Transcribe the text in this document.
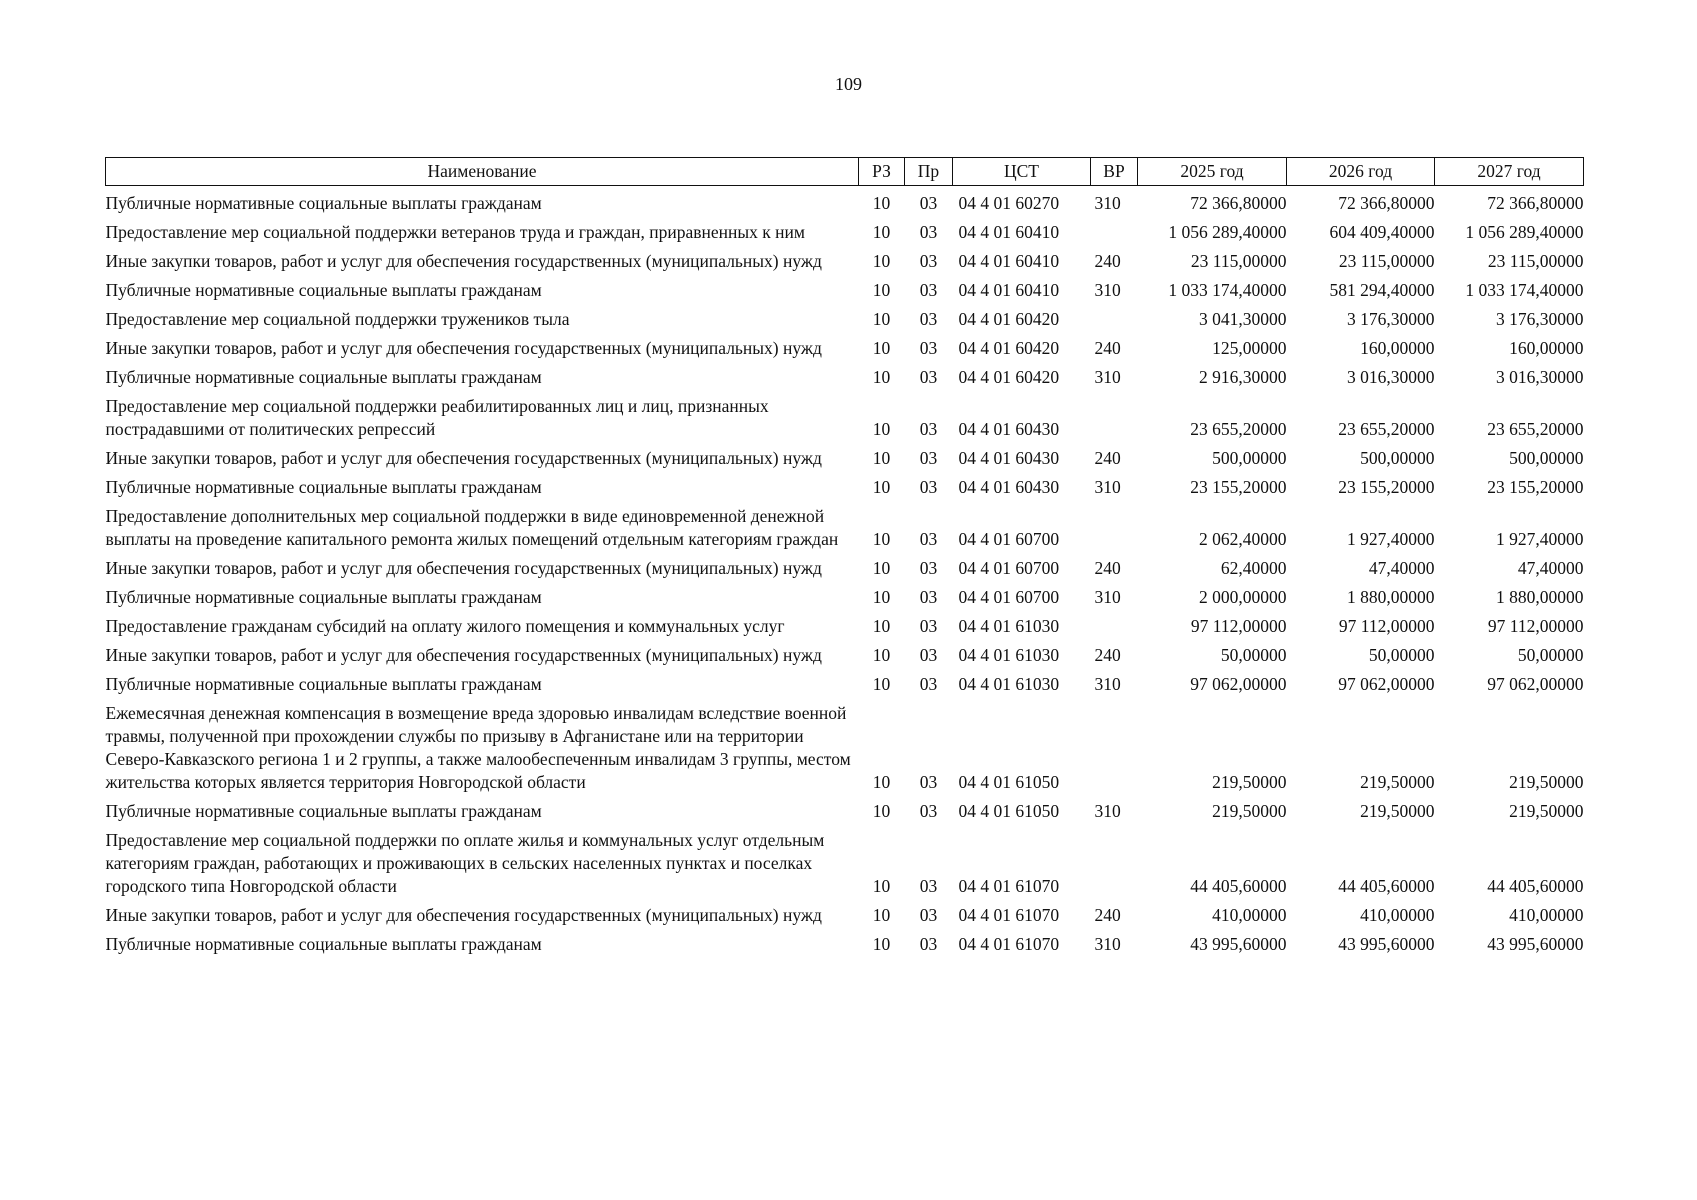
109
Наименование	РЗ	Пр	ЦСТ	ВР	2025 год	2026 год	2027 год
Публичные нормативные социальные выплаты гражданам	10	03	04 4 01 60270	310	72 366,80000	72 366,80000	72 366,80000
Предоставление мер социальной поддержки ветеранов труда и граждан, приравненных к ним	10	03	04 4 01 60410		1 056 289,40000	604 409,40000	1 056 289,40000
Иные закупки товаров, работ и услуг для обеспечения государственных (муниципальных) нужд	10	03	04 4 01 60410	240	23 115,00000	23 115,00000	23 115,00000
Публичные нормативные социальные выплаты гражданам	10	03	04 4 01 60410	310	1 033 174,40000	581 294,40000	1 033 174,40000
Предоставление мер социальной поддержки тружеников тыла	10	03	04 4 01 60420		3 041,30000	3 176,30000	3 176,30000
Иные закупки товаров, работ и услуг для обеспечения государственных (муниципальных) нужд	10	03	04 4 01 60420	240	125,00000	160,00000	160,00000
Публичные нормативные социальные выплаты гражданам	10	03	04 4 01 60420	310	2 916,30000	3 016,30000	3 016,30000
Предоставление мер социальной поддержки реабилитированных лиц и лиц, признанных пострадавшими от политических репрессий	10	03	04 4 01 60430		23 655,20000	23 655,20000	23 655,20000
Иные закупки товаров, работ и услуг для обеспечения государственных (муниципальных) нужд	10	03	04 4 01 60430	240	500,00000	500,00000	500,00000
Публичные нормативные социальные выплаты гражданам	10	03	04 4 01 60430	310	23 155,20000	23 155,20000	23 155,20000
Предоставление дополнительных мер социальной поддержки в виде единовременной денежной выплаты на проведение капитального ремонта жилых помещений отдельным категориям граждан	10	03	04 4 01 60700		2 062,40000	1 927,40000	1 927,40000
Иные закупки товаров, работ и услуг для обеспечения государственных (муниципальных) нужд	10	03	04 4 01 60700	240	62,40000	47,40000	47,40000
Публичные нормативные социальные выплаты гражданам	10	03	04 4 01 60700	310	2 000,00000	1 880,00000	1 880,00000
Предоставление гражданам субсидий на оплату жилого помещения и коммунальных услуг	10	03	04 4 01 61030		97 112,00000	97 112,00000	97 112,00000
Иные закупки товаров, работ и услуг для обеспечения государственных (муниципальных) нужд	10	03	04 4 01 61030	240	50,00000	50,00000	50,00000
Публичные нормативные социальные выплаты гражданам	10	03	04 4 01 61030	310	97 062,00000	97 062,00000	97 062,00000
Ежемесячная денежная компенсация в возмещение вреда здоровью инвалидам вследствие военной травмы, полученной при прохождении службы по призыву в Афганистане или на территории Северо-Кавказского региона 1 и 2 группы, а также малообеспеченным инвалидам 3 группы, местом жительства которых является территория Новгородской области	10	03	04 4 01 61050		219,50000	219,50000	219,50000
Публичные нормативные социальные выплаты гражданам	10	03	04 4 01 61050	310	219,50000	219,50000	219,50000
Предоставление мер социальной поддержки по оплате жилья и коммунальных услуг отдельным категориям граждан, работающих и проживающих в сельских населенных пунктах и поселках городского типа Новгородской области	10	03	04 4 01 61070		44 405,60000	44 405,60000	44 405,60000
Иные закупки товаров, работ и услуг для обеспечения государственных (муниципальных) нужд	10	03	04 4 01 61070	240	410,00000	410,00000	410,00000
Публичные нормативные социальные выплаты гражданам	10	03	04 4 01 61070	310	43 995,60000	43 995,60000	43 995,60000
